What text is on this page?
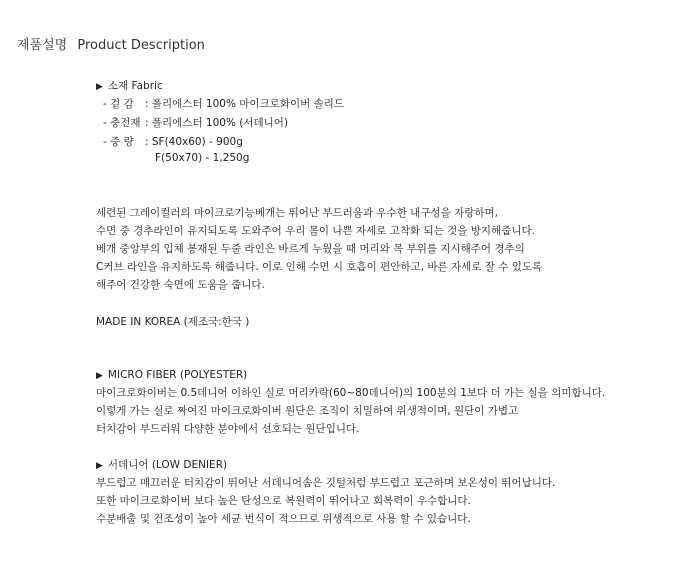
제품설명 Product Description
▶ 소재 Fabric
- 겉 감 : 폴리에스터 100% 마이크로화이버 솔리드
- 충전재 : 폴리에스터 100% (서데니어)
- 중 량 : SF(40x60) - 900g
F(50x70) - 1,250g
세련된 그레이컬러의 마이크로기능베개는 뛰어난 부드러움과 우수한 내구성을 자랑하며,
수면 중 경추라인이 유지되도록 도와주어 우리 몸이 나쁜 자세로 고착화 되는 것을 방지해줍니다.
베개 중앙부의 입체 봉재된 두줄 라인은 바르게 누웠을 때 머리와 목 부위를 지시해주어 경추의
C커브 라인을 유지하도록 해줍니다. 이로 인해 수면 시 호흡이 편안하고, 바른 자세로 잘 수 있도록
해주어 건강한 숙면에 도움을 줍니다.
MADE IN KOREA (제조국:한국 )
▶ MICRO FIBER (POLYESTER)
마이크로화이버는 0.5데니어 이하인 실로 머리카락(60~80데니어)의 100분의 1보다 더 가는 실을 의미합니다.
이렇게 가는 실로 짜여진 마이크로화이버 원단은 조직이 치밀하여 위생적이며, 원단이 가볍고
터치감이 부드러워 다양한 분야에서 선호되는 원단입니다.
▶ 서데니어 (LOW DENIER)
부드럽고 매끄러운 터치감이 뛰어난 서데니어솜은 깃털처럼 부드럽고 포근하며 보온성이 뛰어납니다.
또한 마이크로화이버 보다 높은 탄성으로 복원력이 뛰어나고 회복력이 우수합니다.
수분배출 및 건조성이 높아 세균 번식이 적으므로 위생적으로 사용 할 수 있습니다.
